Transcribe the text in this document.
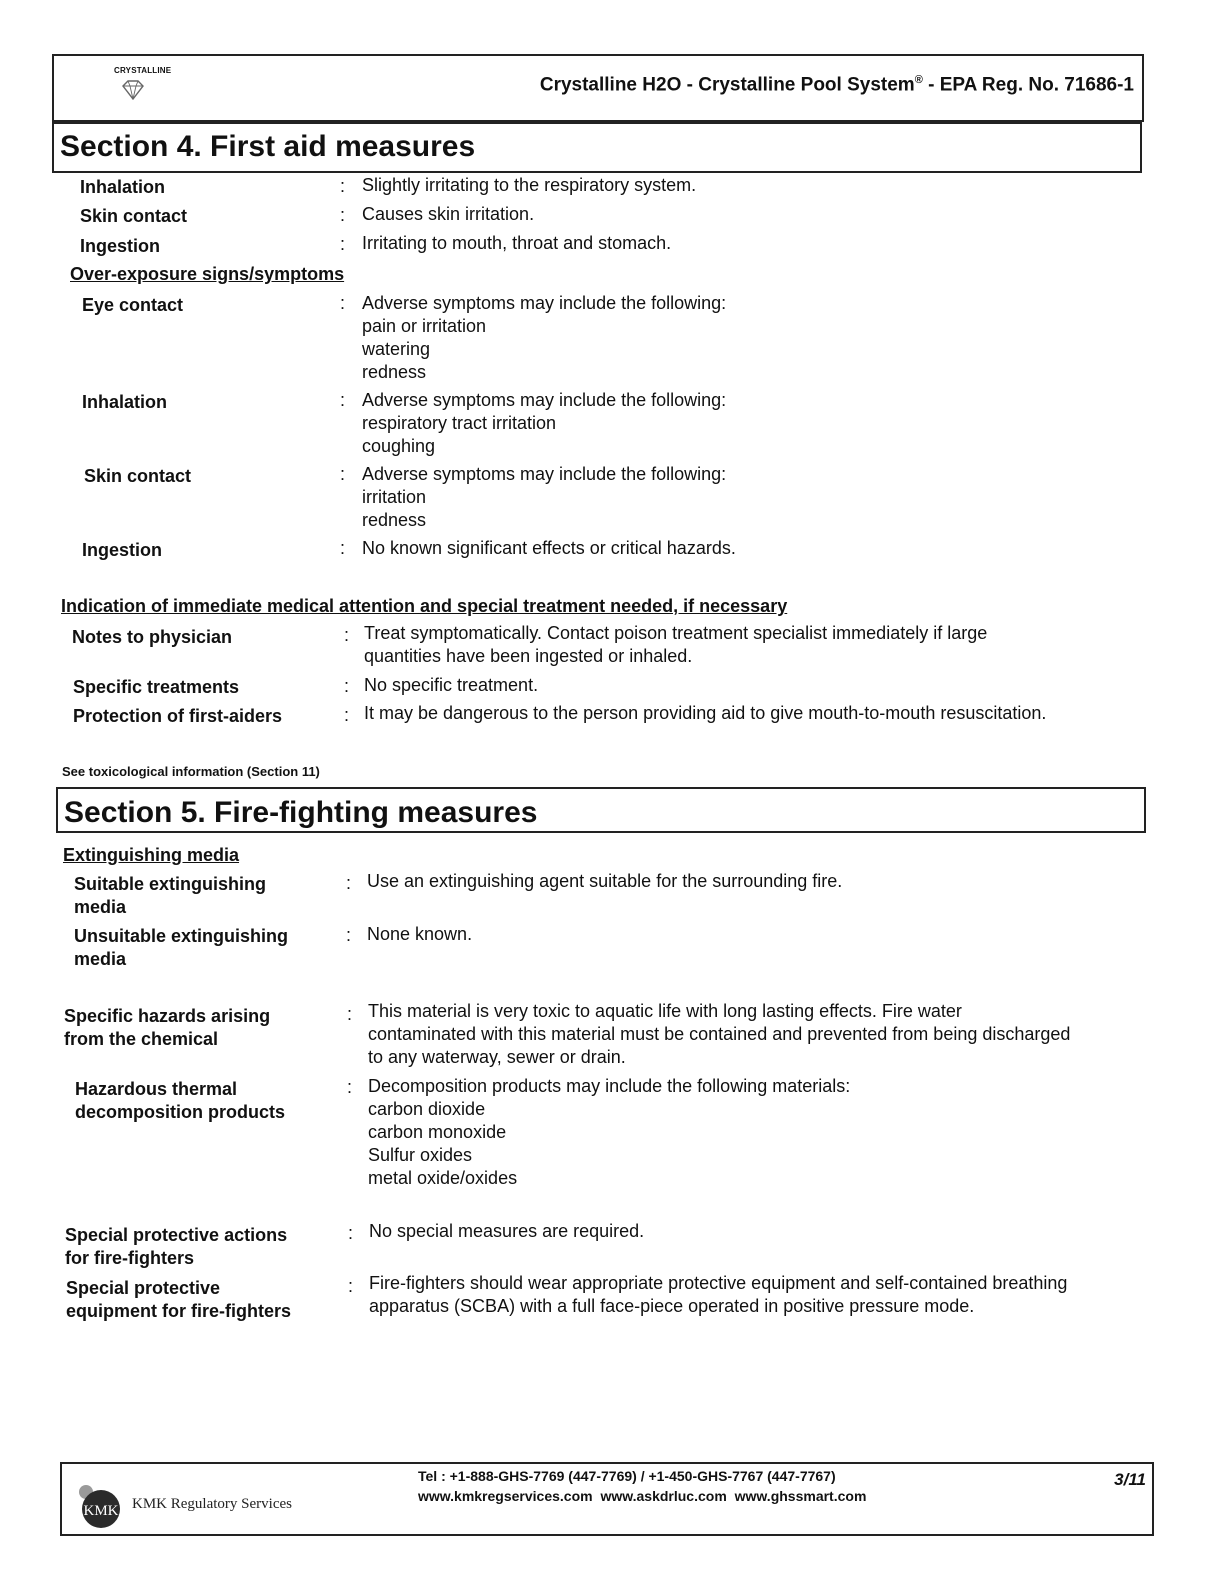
CRYSTALLINE
Crystalline H2O - Crystalline Pool System® - EPA Reg. No. 71686-1
Section 4. First aid measures
Inhalation	: Slightly irritating to the respiratory system.
Skin contact	: Causes skin irritation.
Ingestion	: Irritating to mouth, throat and stomach.
Over-exposure signs/symptoms
Eye contact	: Adverse symptoms may include the following:
pain or irritation
watering
redness
Inhalation	: Adverse symptoms may include the following:
respiratory tract irritation
coughing
Skin contact	: Adverse symptoms may include the following:
irritation
redness
Ingestion	: No known significant effects or critical hazards.
Indication of immediate medical attention and special treatment needed, if necessary
Notes to physician	: Treat symptomatically. Contact poison treatment specialist immediately if large
quantities have been ingested or inhaled.
Specific treatments	: No specific treatment.
Protection of first-aiders	: It may be dangerous to the person providing aid to give mouth-to-mouth resuscitation.
See toxicological information (Section 11)
Section 5. Fire-fighting measures
Extinguishing media
Suitable extinguishing
media
: Use an extinguishing agent suitable for the surrounding fire.
Unsuitable extinguishing
media
: None known.
Specific hazards arising
from the chemical
: This material is very toxic to aquatic life with long lasting effects. Fire water
contaminated with this material must be contained and prevented from being discharged
to any waterway, sewer or drain.
Hazardous thermal
decomposition products
: Decomposition products may include the following materials:
carbon dioxide
carbon monoxide
Sulfur oxides
metal oxide/oxides
Special protective actions
for fire-fighters
: No special measures are required.
Special protective
equipment for fire-fighters
: Fire-fighters should wear appropriate protective equipment and self-contained breathing
apparatus (SCBA) with a full face-piece operated in positive pressure mode.
KMK KMK Regulatory Services
Tel : +1-888-GHS-7769 (447-7769) / +1-450-GHS-7767 (447-7767)
www.kmkregservices.com www.askdrluc.com www.ghssmart.com
3/11
